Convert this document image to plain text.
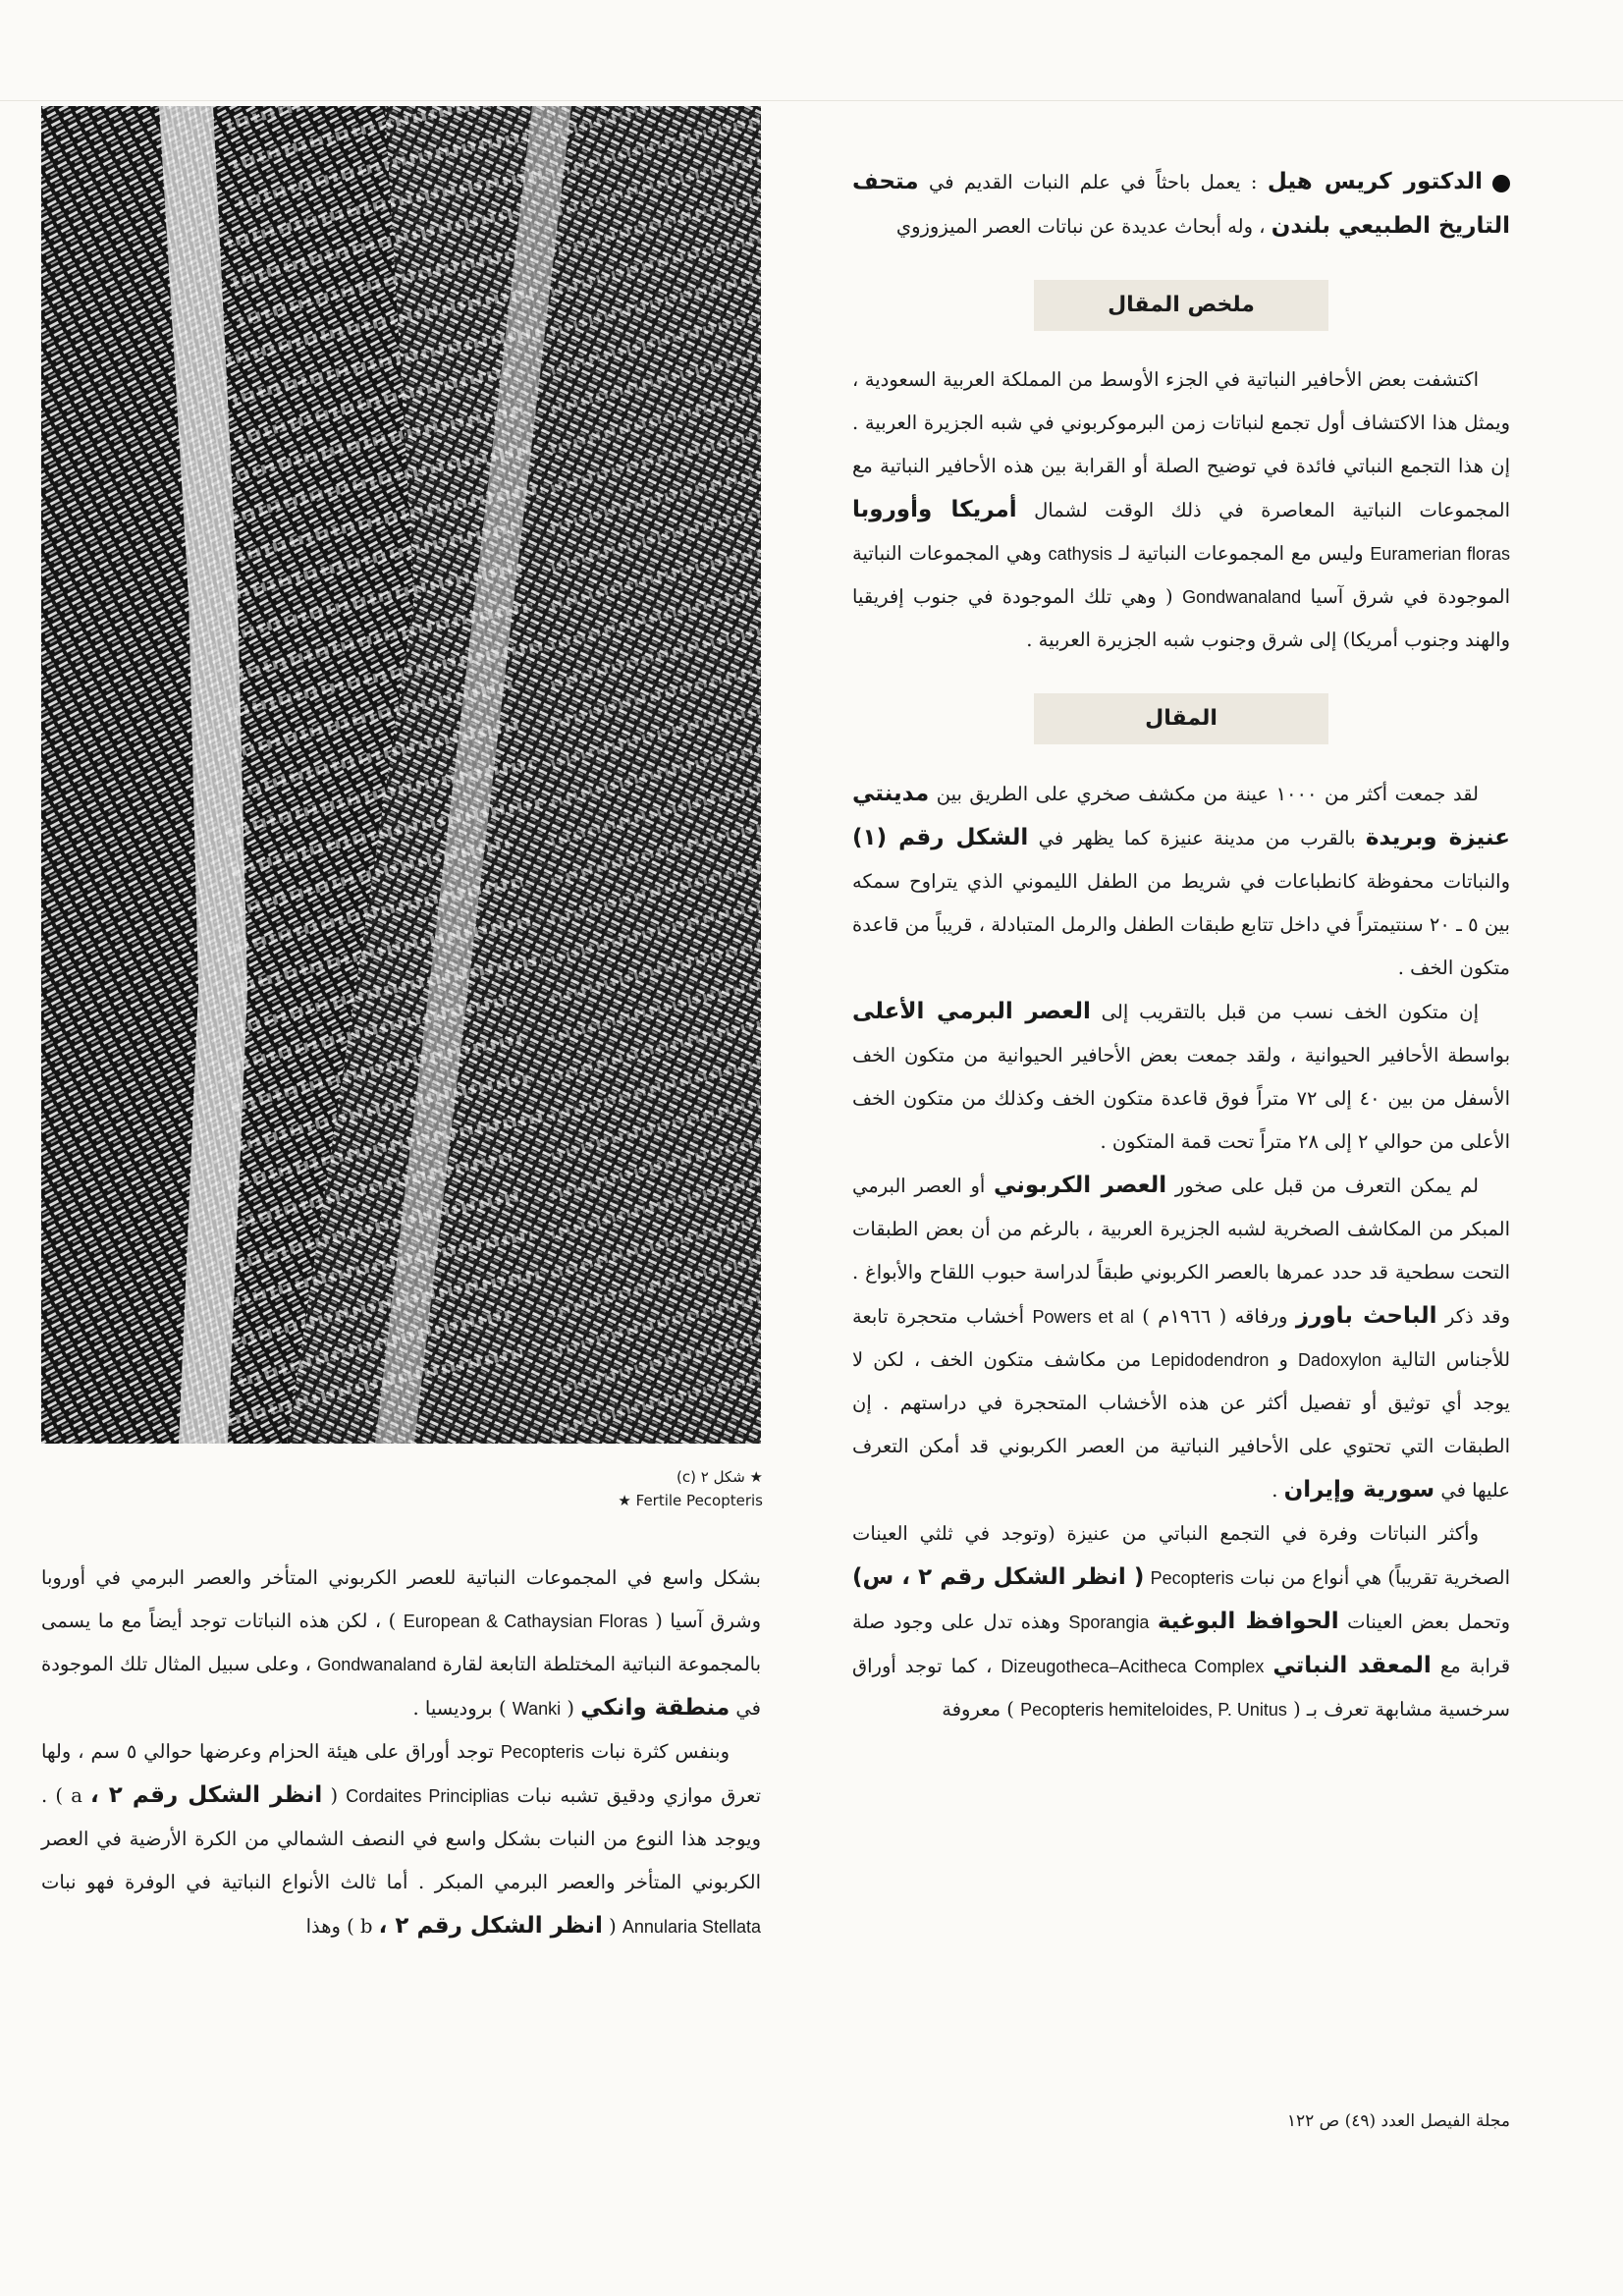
★ شكل ٢ (c)
★ Fertile Pecopteris

الدكتور كريس هيل : يعمل باحثاً في علم النبات القديم في متحف التاريخ الطبيعي بلندن ، وله أبحاث عديدة عن نباتات العصر الميزوزوي

ملخص المقال

اكتشفت بعض الأحافير النباتية في الجزء الأوسط من المملكة العربية السعودية ، ويمثل هذا الاكتشاف أول تجمع لنباتات زمن البرموكربوني في شبه الجزيرة العربية . إن هذا التجمع النباتي فائدة في توضيح الصلة أو القرابة بين هذه الأحافير النباتية مع المجموعات النباتية المعاصرة في ذلك الوقت لشمال أمريكا وأوروبا Euramerian floras وليس مع المجموعات النباتية لـ cathysis وهي المجموعات النباتية الموجودة في شرق آسيا Gondwanaland ( وهي تلك الموجودة في جنوب إفريقيا والهند وجنوب أمريكا) إلى شرق وجنوب شبه الجزيرة العربية .

المقال

لقد جمعت أكثر من ١٠٠٠ عينة من مكشف صخري على الطريق بين مدينتي عنيزة وبريدة بالقرب من مدينة عنيزة كما يظهر في الشكل رقم (١) والنباتات محفوظة كانطباعات في شريط من الطفل الليموني الذي يتراوح سمكه بين ٥ ـ ٢٠ سنتيمتراً في داخل تتابع طبقات الطفل والرمل المتبادلة ، قريباً من قاعدة متكون الخف .

إن متكون الخف نسب من قبل بالتقريب إلى العصر البرمي الأعلى بواسطة الأحافير الحيوانية ، ولقد جمعت بعض الأحافير الحيوانية من متكون الخف الأسفل من بين ٤٠ إلى ٧٢ متراً فوق قاعدة متكون الخف وكذلك من متكون الخف الأعلى من حوالي ٢ إلى ٢٨ متراً تحت قمة المتكون .

لم يمكن التعرف من قبل على صخور العصر الكربوني أو العصر البرمي المبكر من المكاشف الصخرية لشبه الجزيرة العربية ، بالرغم من أن بعض الطبقات التحت سطحية قد حدد عمرها بالعصر الكربوني طبقاً لدراسة حبوب اللقاح والأبواغ . وقد ذكر الباحث باورز ورفاقه ( ١٩٦٦م ) Powers et al أخشاب متحجرة تابعة للأجناس التالية Dadoxylon و Lepidodendron من مكاشف متكون الخف ، لكن لا يوجد أي توثيق أو تفصيل أكثر عن هذه الأخشاب المتحجرة في دراستهم . إن الطبقات التي تحتوي على الأحافير النباتية من العصر الكربوني قد أمكن التعرف عليها في سورية وإيران .

وأكثر النباتات وفرة في التجمع النباتي من عنيزة (وتوجد في ثلثي العينات الصخرية تقريباً) هي أنواع من نبات Pecopteris ( انظر الشكل رقم ٢ ، س) وتحمل بعض العينات الحوافظ البوغية Sporangia وهذه تدل على وجود صلة قرابة مع المعقد النباتي Dizeugotheca–Acitheca Complex ، كما توجد أوراق سرخسية مشابهة تعرف بـ ( Pecopteris hemiteloides, P. Unitus ) معروفة

بشكل واسع في المجموعات النباتية للعصر الكربوني المتأخر والعصر البرمي في أوروبا وشرق آسيا ( European & Cathaysian Floras ) ، لكن هذه النباتات توجد أيضاً مع ما يسمى بالمجموعة النباتية المختلطة التابعة لقارة Gondwanaland ، وعلى سبيل المثال تلك الموجودة في منطقة وانكي ( Wanki ) بروديسيا .

وبنفس كثرة نبات Pecopteris توجد أوراق على هيئة الحزام وعرضها حوالي ٥ سم ، ولها تعرق موازي ودقيق تشبه نبات Cordaites Principlias ( انظر الشكل رقم ٢ ، a ) . ويوجد هذا النوع من النبات بشكل واسع في النصف الشمالي من الكرة الأرضية في العصر الكربوني المتأخر والعصر البرمي المبكر . أما ثالث الأنواع النباتية في الوفرة فهو نبات Annularia Stellata ( انظر الشكل رقم ٢ ، b ) وهذا

مجلة الفيصل العدد (٤٩) ص ١٢٢
